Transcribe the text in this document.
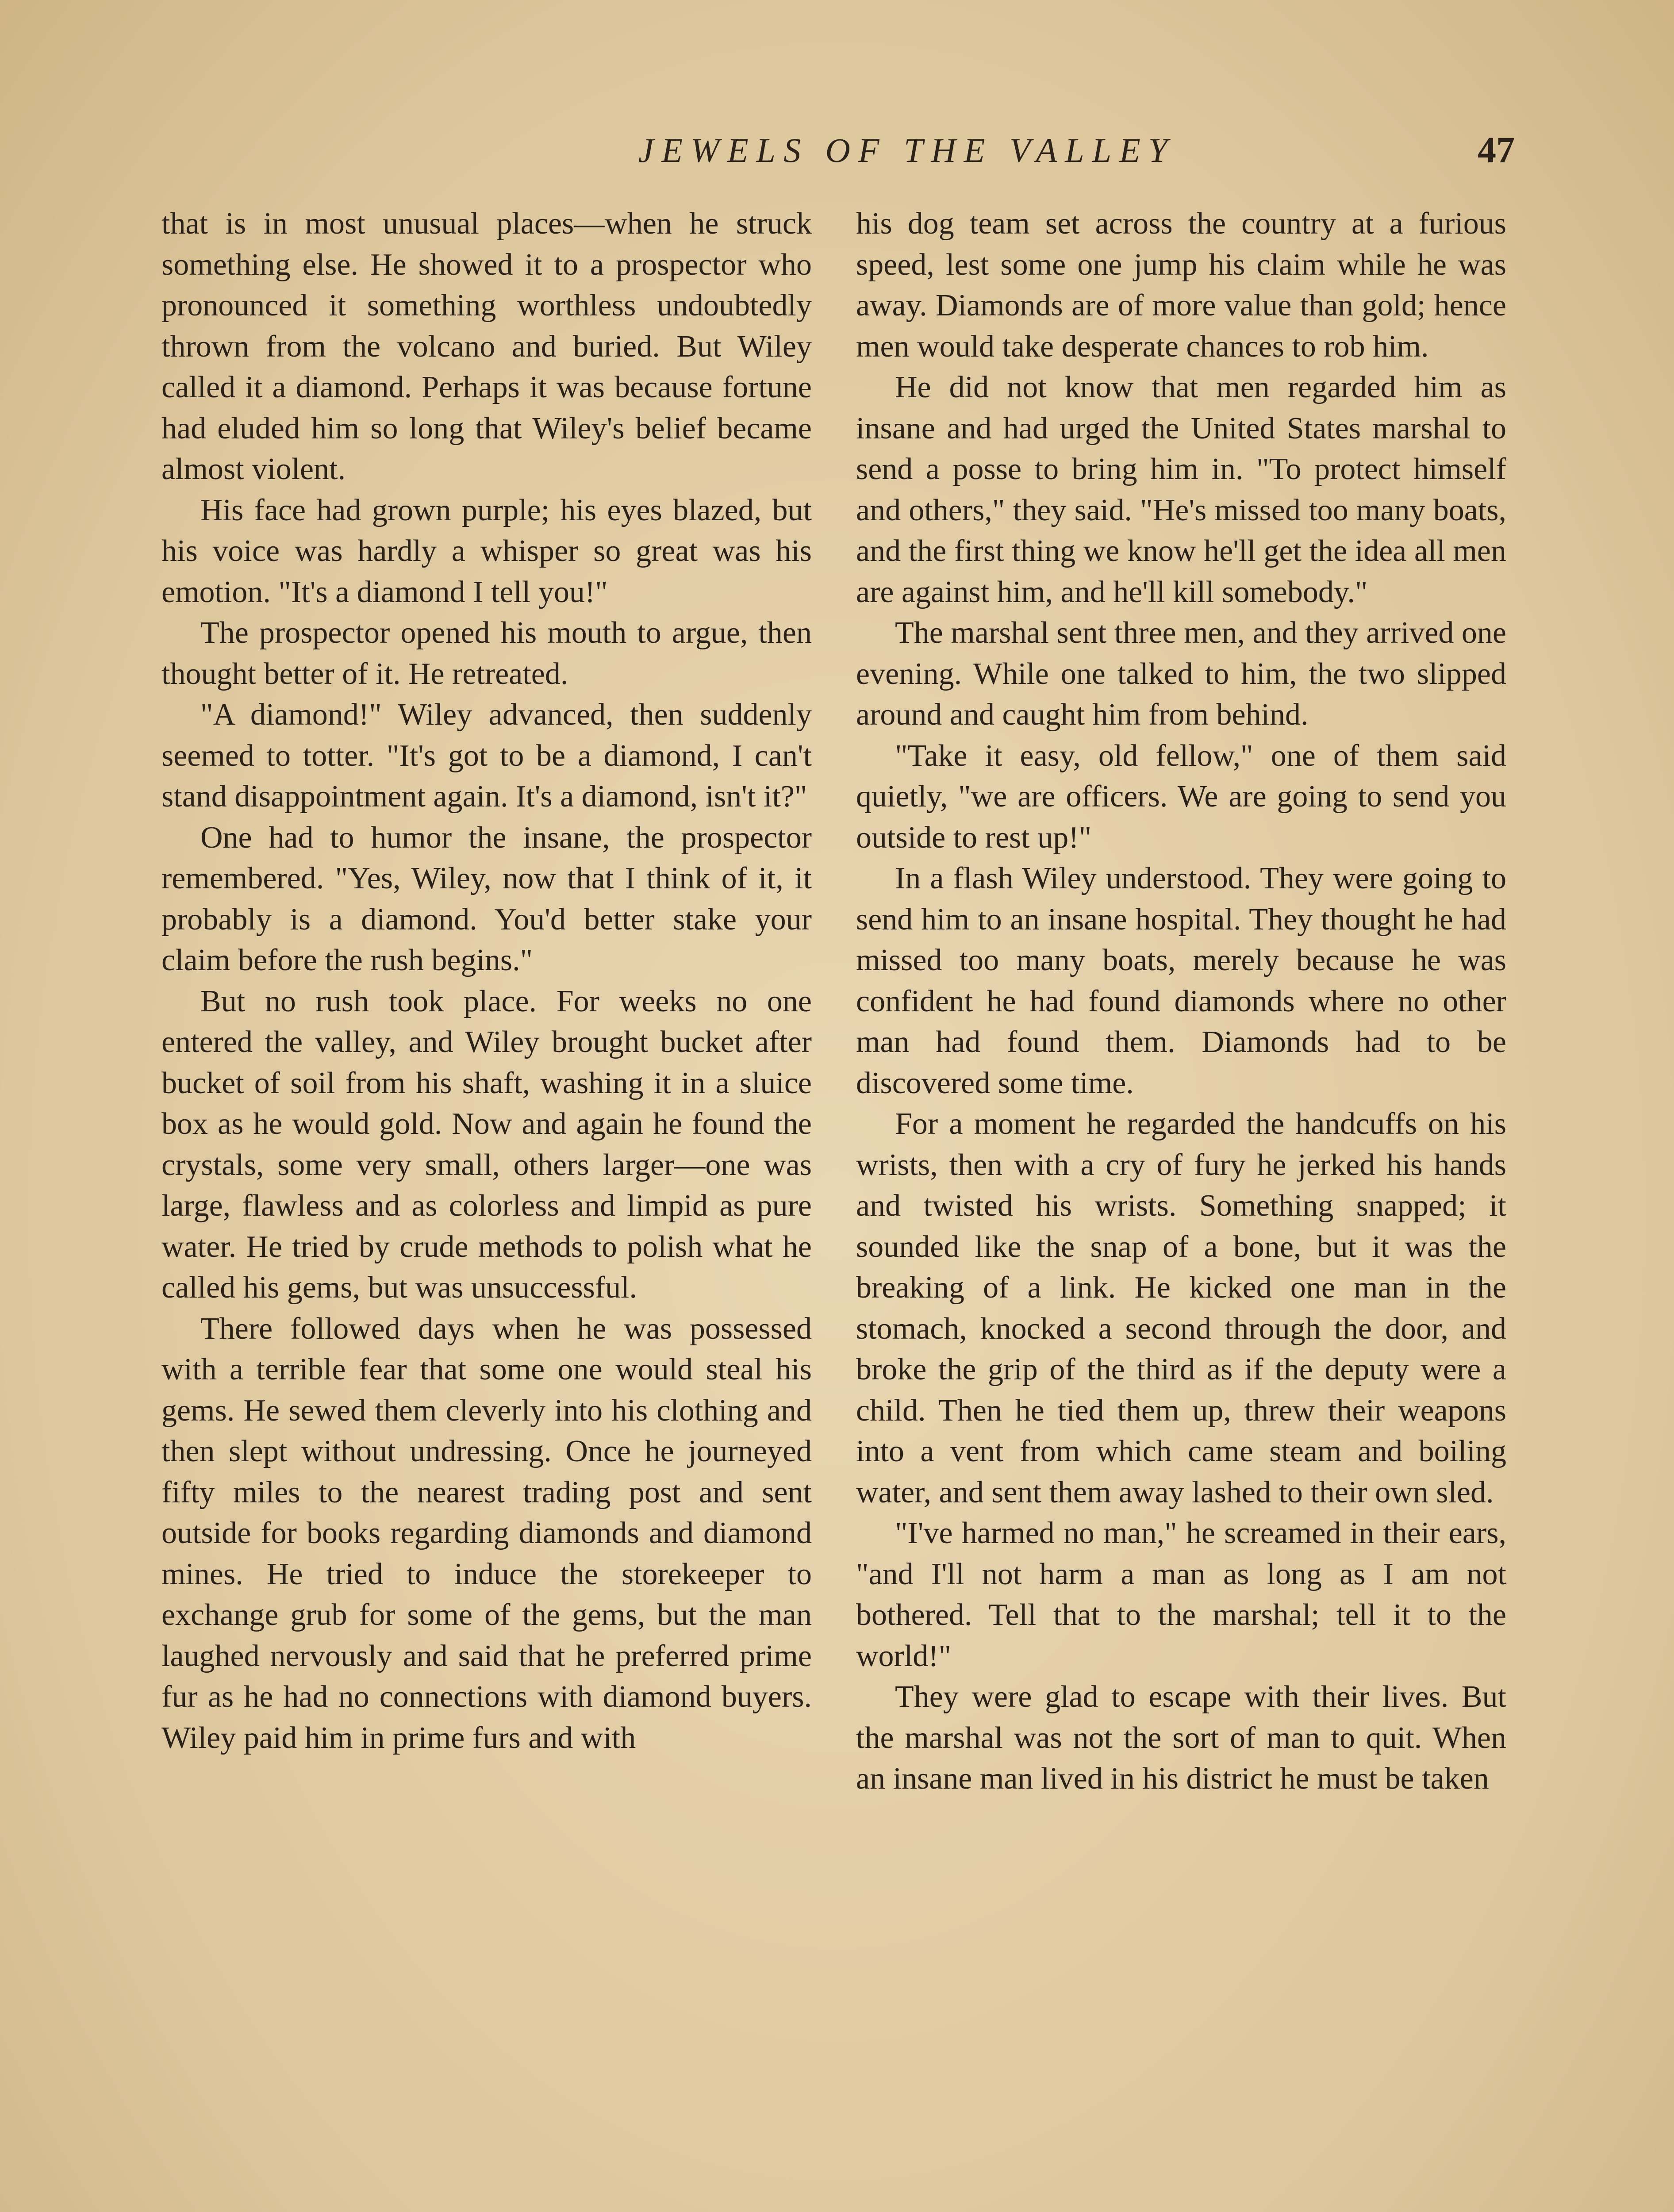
JEWELS OF THE VALLEY	47

that is in most unusual places—when he struck something else. He showed it to a prospector who pronounced it something worthless undoubtedly thrown from the volcano and buried. But Wiley called it a diamond. Perhaps it was because fortune had eluded him so long that Wiley's belief became almost violent.

His face had grown purple; his eyes blazed, but his voice was hardly a whisper so great was his emotion. "It's a diamond I tell you!"

The prospector opened his mouth to argue, then thought better of it. He retreated.

"A diamond!" Wiley advanced, then suddenly seemed to totter. "It's got to be a diamond, I can't stand disappointment again. It's a diamond, isn't it?"

One had to humor the insane, the prospector remembered. "Yes, Wiley, now that I think of it, it probably is a diamond. You'd better stake your claim before the rush begins."

But no rush took place. For weeks no one entered the valley, and Wiley brought bucket after bucket of soil from his shaft, washing it in a sluice box as he would gold. Now and again he found the crystals, some very small, others larger—one was large, flawless and as colorless and limpid as pure water. He tried by crude methods to polish what he called his gems, but was unsuccessful.

There followed days when he was possessed with a terrible fear that some one would steal his gems. He sewed them cleverly into his clothing and then slept without undressing. Once he journeyed fifty miles to the nearest trading post and sent outside for books regarding diamonds and diamond mines. He tried to induce the storekeeper to exchange grub for some of the gems, but the man laughed nervously and said that he preferred prime fur as he had no connections with diamond buyers. Wiley paid him in prime furs and with

his dog team set across the country at a furious speed, lest some one jump his claim while he was away. Diamonds are of more value than gold; hence men would take desperate chances to rob him.

He did not know that men regarded him as insane and had urged the United States marshal to send a posse to bring him in. "To protect himself and others," they said. "He's missed too many boats, and the first thing we know he'll get the idea all men are against him, and he'll kill somebody."

The marshal sent three men, and they arrived one evening. While one talked to him, the two slipped around and caught him from behind.

"Take it easy, old fellow," one of them said quietly, "we are officers. We are going to send you outside to rest up!"

In a flash Wiley understood. They were going to send him to an insane hospital. They thought he had missed too many boats, merely because he was confident he had found diamonds where no other man had found them. Diamonds had to be discovered some time.

For a moment he regarded the handcuffs on his wrists, then with a cry of fury he jerked his hands and twisted his wrists. Something snapped; it sounded like the snap of a bone, but it was the breaking of a link. He kicked one man in the stomach, knocked a second through the door, and broke the grip of the third as if the deputy were a child. Then he tied them up, threw their weapons into a vent from which came steam and boiling water, and sent them away lashed to their own sled.

"I've harmed no man," he screamed in their ears, "and I'll not harm a man as long as I am not bothered. Tell that to the marshal; tell it to the world!"

They were glad to escape with their lives. But the marshal was not the sort of man to quit. When an insane man lived in his district he must be taken
